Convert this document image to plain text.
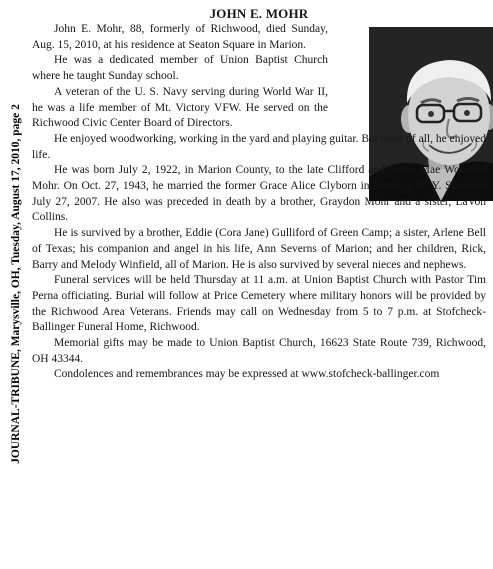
JOURNAL-TRIBUNE, Marysville, OH, Tuesday, August 17, 2010, page 2
JOHN E. MOHR

John E. Mohr, 88, formerly of Richwood, died Sunday, Aug. 15, 2010, at his residence at Seaton Square in Marion.

He was a dedicated member of Union Baptist Church where he taught Sunday school.

A veteran of the U. S. Navy serving during World War II, he was a life member of Mt. Victory VFW. He served on the Richwood Civic Center Board of Directors.

He enjoyed woodworking, working in the yard and playing guitar. But most of all, he enjoyed life.

He was born July 2, 1922, in Marion County, to the late Clifford and Verna Mae Woodard Mohr. On Oct. 27, 1943, he married the former Grace Alice Clyborn in Jamaica, N. Y. She died July 27, 2007. He also was preceded in death by a brother, Graydon Mohr and a sister, LaVon Collins.

He is survived by a brother, Eddie (Cora Jane) Gulliford of Green Camp; a sister, Arlene Bell of Texas; his companion and angel in his life, Ann Severns of Marion; and her children, Rick, Barry and Melody Winfield, all of Marion. He is also survived by several nieces and nephews.

Funeral services will be held Thursday at 11 a.m. at Union Baptist Church with Pastor Tim Perna officiating. Burial will follow at Price Cemetery where military honors will be provided by the Richwood Area Veterans. Friends may call on Wednesday from 5 to 7 p.m. at Stofcheck-Ballinger Funeral Home, Richwood.

Memorial gifts may be made to Union Baptist Church, 16623 State Route 739, Richwood, OH 43344.

Condolences and remembrances may be expressed at www.stofcheck-ballinger.com
